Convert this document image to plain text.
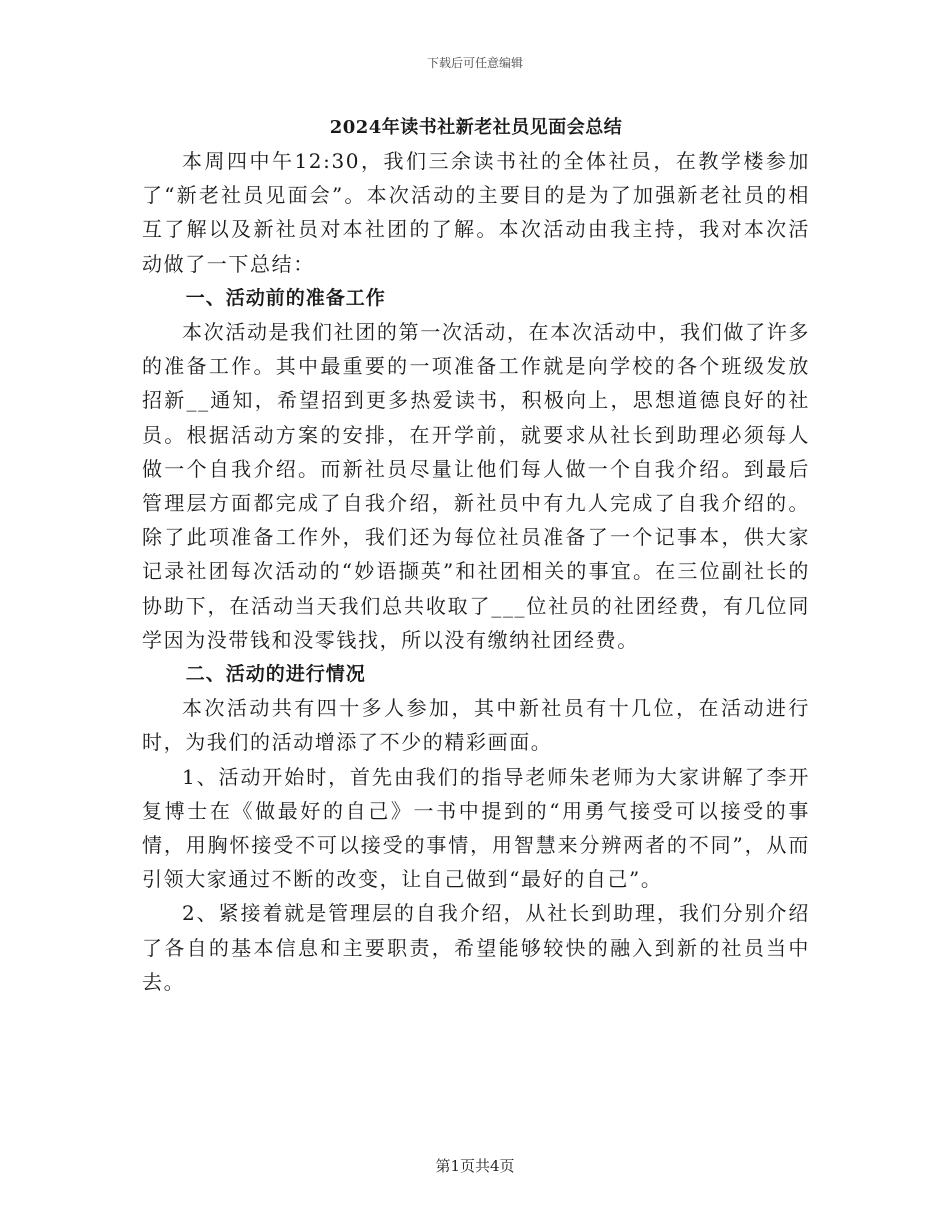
下载后可任意编辑
2024年读书社新老社员见面会总结

本周四中午12:30，我们三余读书社的全体社员，在教学楼参加了“新老社员见面会”。本次活动的主要目的是为了加强新老社员的相互了解以及新社员对本社团的了解。本次活动由我主持，我对本次活动做了一下总结：

一、活动前的准备工作

本次活动是我们社团的第一次活动，在本次活动中，我们做了许多的准备工作。其中最重要的一项准备工作就是向学校的各个班级发放招新__通知，希望招到更多热爱读书，积极向上，思想道德良好的社员。根据活动方案的安排，在开学前，就要求从社长到助理必须每人做一个自我介绍。而新社员尽量让他们每人做一个自我介绍。到最后管理层方面都完成了自我介绍，新社员中有九人完成了自我介绍的。除了此项准备工作外，我们还为每位社员准备了一个记事本，供大家记录社团每次活动的“妙语撷英”和社团相关的事宜。在三位副社长的协助下，在活动当天我们总共收取了___位社员的社团经费，有几位同学因为没带钱和没零钱找，所以没有缴纳社团经费。

二、活动的进行情况

本次活动共有四十多人参加，其中新社员有十几位，在活动进行时，为我们的活动增添了不少的精彩画面。

1、活动开始时，首先由我们的指导老师朱老师为大家讲解了李开复博士在《做最好的自己》一书中提到的“用勇气接受可以接受的事情，用胸怀接受不可以接受的事情，用智慧来分辨两者的不同”，从而引领大家通过不断的改变，让自己做到“最好的自己”。

2、紧接着就是管理层的自我介绍，从社长到助理，我们分别介绍了各自的基本信息和主要职责，希望能够较快的融入到新的社员当中去。

第1页共4页
